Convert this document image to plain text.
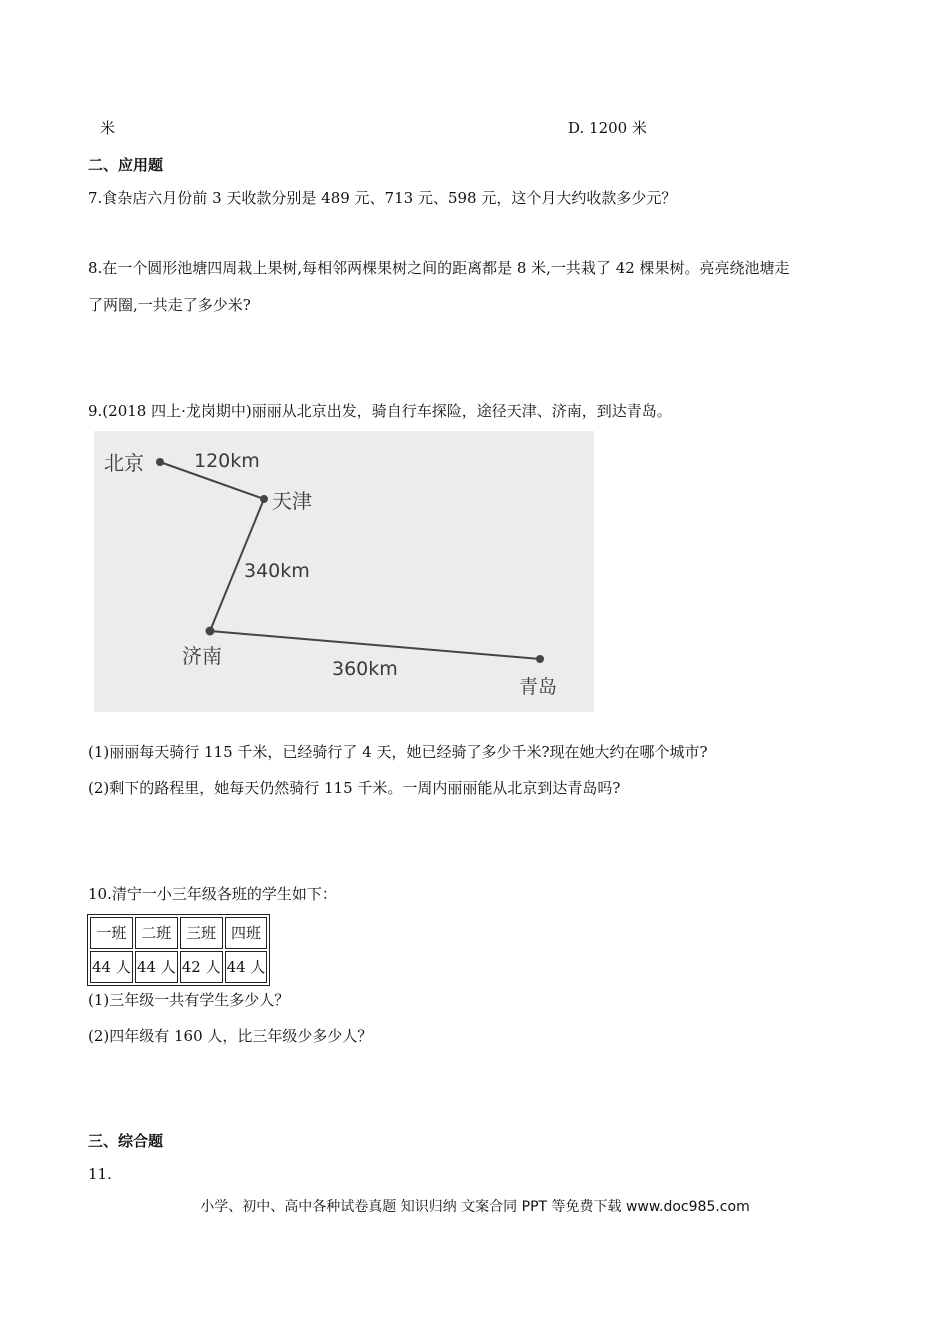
米	D. 1200 米
二、应用题
7.食杂店六月份前 3 天收款分别是 489 元、713 元、598 元，这个月大约收款多少元？
8.在一个圆形池塘四周栽上果树,每相邻两棵果树之间的距离都是 8 米,一共栽了 42 棵果树。亮亮绕池塘走
了两圈,一共走了多少米?
9.(2018 四上·龙岗期中)丽丽从北京出发，骑自行车探险，途径天津、济南，到达青岛。
北京
天津
济南
青岛
120km
340km
360km
(1)丽丽每天骑行 115 千米，已经骑行了 4 天，她已经骑了多少千米?现在她大约在哪个城市?
(2)剩下的路程里，她每天仍然骑行 115 千米。一周内丽丽能从北京到达青岛吗?
10.清宁一小三年级各班的学生如下：
一班	二班	三班	四班
44 人	44 人	42 人	44 人
(1)三年级一共有学生多少人？
(2)四年级有 160 人，比三年级少多少人？
三、综合题
11.
小学、初中、高中各种试卷真题 知识归纳 文案合同 PPT 等免费下载 www.doc985.com
